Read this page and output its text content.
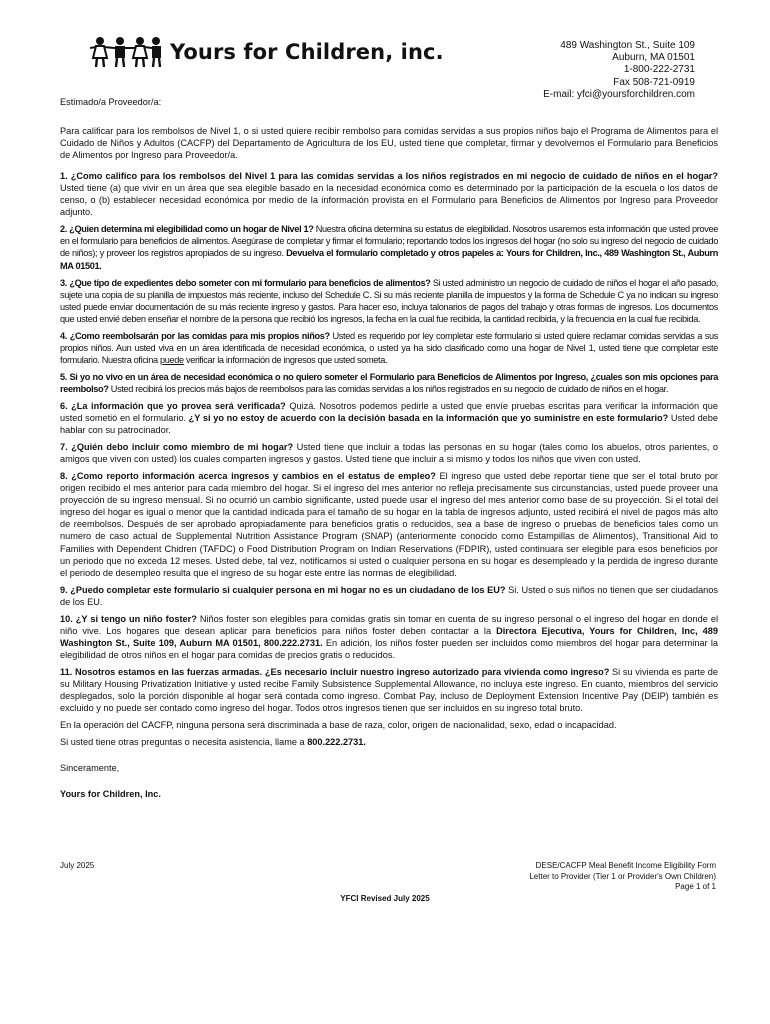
Yours for Children, inc.	489 Washington St., Suite 109
Auburn, MA 01501
1-800-222-2731
Fax 508-721-0919
E-mail: yfci@yoursforchildren.com

Estimado/a Proveedor/a:

Para calificar para los rembolsos de Nivel 1, o si usted quiere recibir rembolso para comidas servidas a sus propios niños bajo el Programa de Alimentos para el Cuidado de Niños y Adultos (CACFP) del Departamento de Agricultura de los EU, usted tiene que completar, firmar y devolvernos el Formulario para Beneficios de Alimentos por Ingreso para Proveedor/a.

1. ¿Como califico para los rembolsos del Nivel 1 para las comidas servidas a los niños registrados en mi negocio de cuidado de niños en el hogar? Usted tiene (a) que vivir en un área que sea elegible basado en la necesidad económica como es determinado por la participación de la escuela o los datos de censo, o (b) establecer necesidad económica por medio de la información provista en el Formulario para Beneficios de Alimentos por Ingreso para Proveedor adjunto.

2. ¿Quien determina mi elegibilidad como un hogar de Nivel 1? Nuestra oficina determina su estatus de elegibilidad. Nosotros usaremos esta información que usted provee en el formulario para beneficios de alimentos. Asegúrase de completar y firmar el formulario; reportando todos los ingresos del hogar (no solo su ingreso del negocio de cuidado de niños); y proveer los registros apropiados de su ingreso. Devuelva el formulario completado y otros papeles a: Yours for Children, Inc., 489 Washington St., Auburn MA 01501.

3. ¿Que tipo de expedientes debo someter con mi formulario para beneficios de alimentos? Si usted administro un negocio de cuidado de niños el hogar el año pasado, sujete una copia de su planilla de impuestos más reciente, incluso del Schedule C. Si su más reciente planilla de impuestos y la forma de Schedule C ya no indican su ingreso usted puede enviar documentación de su más reciente ingreso y gastos. Para hacer eso, incluya talonarios de pagos del trabajo y otras formas de ingresos. Los documentos que usted envié deben enseñar el nombre de la persona que recibió los ingresos, la fecha en la cual fue recibida, la cantidad recibida, y la frecuencia en la cual fue recibida.

4. ¿Como reembolsarán por las comidas para mis propios niños? Usted es requerido por ley completar este formulario si usted quiere reclamar comidas servidas a sus propios niños. Aun usted viva en un área identificada de necesidad económica, o usted ya ha sido clasificado como una hogar de Nivel 1, usted tiene que completar este formulario. Nuestra oficina puede verificar la información de ingresos que usted someta.

5. Si yo no vivo en un área de necesidad económica o no quiero someter el Formulario para Beneficios de Alimentos por Ingreso, ¿cuales son mis opciones para reembolso? Usted recibirá los precios más bajos de reembolsos para las comidas servidas a los niños registrados en su negocio de cuidado de niños en el hogar.

6. ¿La información que yo provea será verificada? Quizá. Nosotros podemos pedirle a usted que envíe pruebas escritas para verificar la información que usted sometió en el formulario. ¿Y si yo no estoy de acuerdo con la decisión basada en la información que yo suministre en este formulario? Usted debe hablar con su patrocinador.

7. ¿Quién debo incluir como miembro de mi hogar? Usted tiene que incluir a todas las personas en su hogar (tales como los abuelos, otros parientes, o amigos que viven con usted) los cuales comparten ingresos y gastos. Usted tiene que incluir a si mismo y todos los niños que viven con usted.

8. ¿Como reporto información acerca ingresos y cambios en el estatus de empleo? El ingreso que usted debe reportar tiene que ser el total bruto por origen recibido el mes anterior para cada miembro del hogar. Si el ingreso del mes anterior no refleja precisamente sus circunstancias, usted puede proveer una proyección de su ingreso mensual. Si no ocurrió un cambio significante, usted puede usar el ingreso del mes anterior como base de su proyección. Si el total del ingreso del hogar es igual o menor que la cantidad indicada para el tamaño de su hogar en la tabla de ingresos adjunto, usted recibirá el nivel de pagos más alto de reembolsos. Después de ser aprobado apropiadamente para beneficios gratis o reducidos, sea a base de ingreso o pruebas de beneficios tales como un numero de caso actual de Supplemental Nutrition Assistance Program (SNAP) (anteriormente conocido como Estampillas de Alimentos), Transitional Aid to Families with Dependent Chidren (TAFDC) o Food Distribution Program on Indian Reservations (FDPIR), usted continuara ser elegible para esos beneficios por un periodo que no exceda 12 meses. Usted debe, tal vez, notificarnos si usted o cualquier persona en su hogar es desempleado y la perdida de ingreso durante el periodo de desempleo resulta que el ingreso de su hogar este entre las normas de elegibilidad.

9. ¿Puedo completar este formulario si cualquier persona en mi hogar no es un ciudadano de los EU? Si. Usted o sus niños no tienen que ser ciudadanos de los EU.

10. ¿Y si tengo un niño foster? Niños foster son elegibles para comidas gratis sin tomar en cuenta de su ingreso personal o el ingreso del hogar en donde el niño vive. Los hogares que desean aplicar para beneficios para niños foster deben contactar a la Directora Ejecutiva, Yours for Children, Inc, 489 Washington St., Suite 109, Auburn MA 01501, 800.222.2731. En adición, los niños foster pueden ser incluidos como miembros del hogar para determinar la elegibilidad de otros niños en el hogar para comidas de precios gratis o reducidos.

11. Nosotros estamos en las fuerzas armadas. ¿Es necesario incluir nuestro ingreso autorizado para vivienda como ingreso? Si su vivienda es parte de su Military Housing Privatization Initiative y usted recibe Family Subsistence Supplemental Allowance, no incluya este ingreso. En cuanto, miembros del servicio desplegados, solo la porción disponible al hogar será contada como ingreso. Combat Pay, incluso de Deployment Extension Incentive Pay (DEIP) también es excluido y no puede ser contado como ingreso del hogar. Todos otros ingresos tienen que ser incluidos en su ingreso total bruto.

En la operación del CACFP, ninguna persona será discriminada a base de raza, color, origen de nacionalidad, sexo, edad o incapacidad.

Si usted tiene otras preguntas o necesita asistencia, llame a 800.222.2731.

Sinceramente,

Yours for Children, Inc.

July 2025	DESE/CACFP Meal Benefit Income Eligibility Form
Letter to Provider (Tier 1 or Provider's Own Children)
Page 1 of 1
YFCI Revised July 2025
